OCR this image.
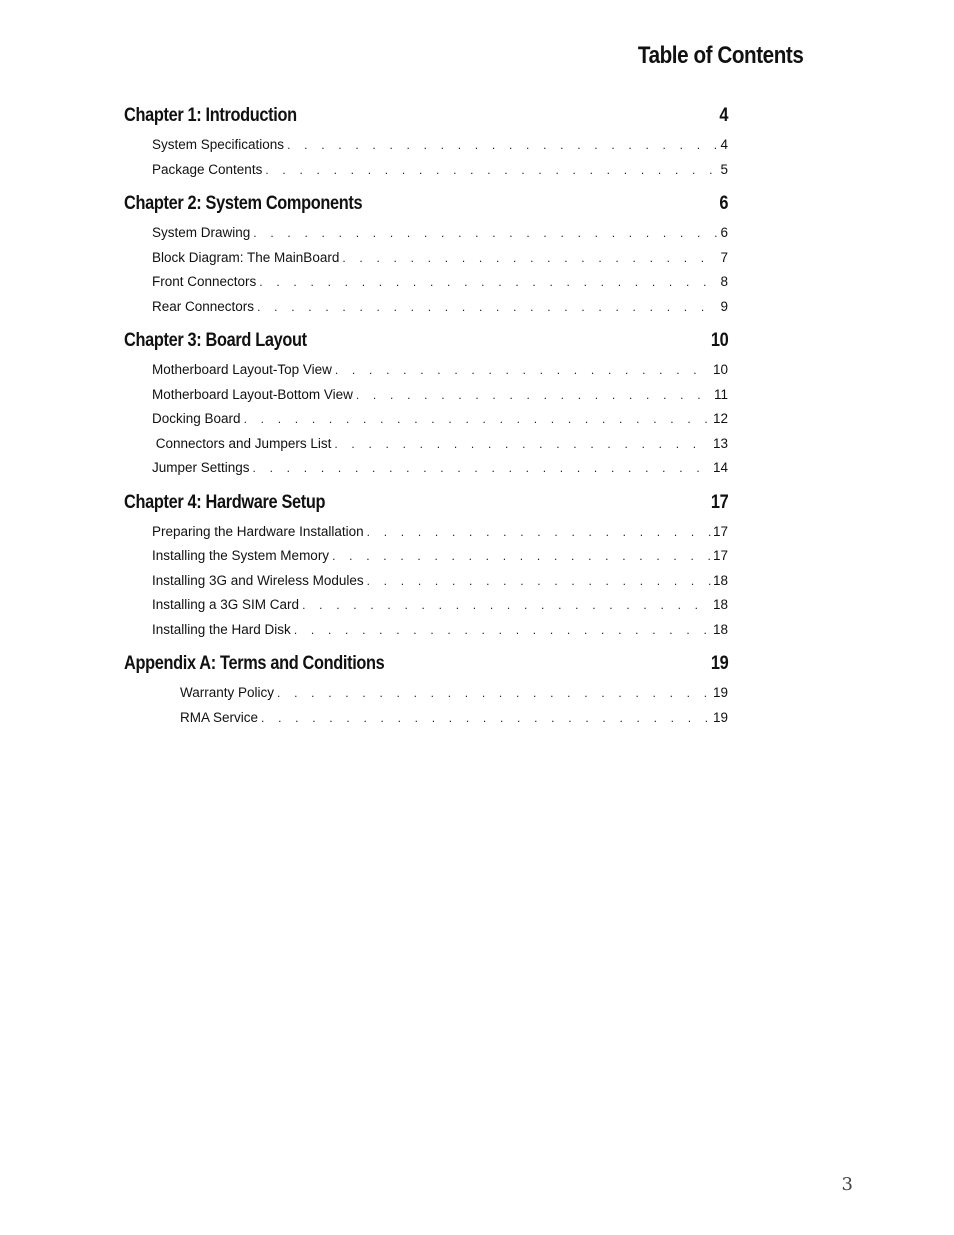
Table of Contents
Chapter 1: Introduction	4
System Specifications . . .	4
Package Contents . . .	5
Chapter 2: System Components	6
System Drawing . . .	6
Block Diagram: The MainBoard . . .	7
Front Connectors . . .	8
Rear Connectors . . .	9
Chapter 3: Board Layout	10
Motherboard Layout-Top View . . .	10
Motherboard Layout-Bottom View . . .	11
Docking Board . . .	12
Connectors and Jumpers List . . .	13
Jumper Settings . . .	14
Chapter 4: Hardware Setup	17
Preparing the Hardware Installation . . .	17
Installing the System Memory . . .	17
Installing 3G and Wireless Modules . . .	18
Installing a 3G SIM Card . . .	18
Installing the Hard Disk . . .	18
Appendix A: Terms and Conditions	19
Warranty Policy . . .	19
RMA Service . . .	19
3
